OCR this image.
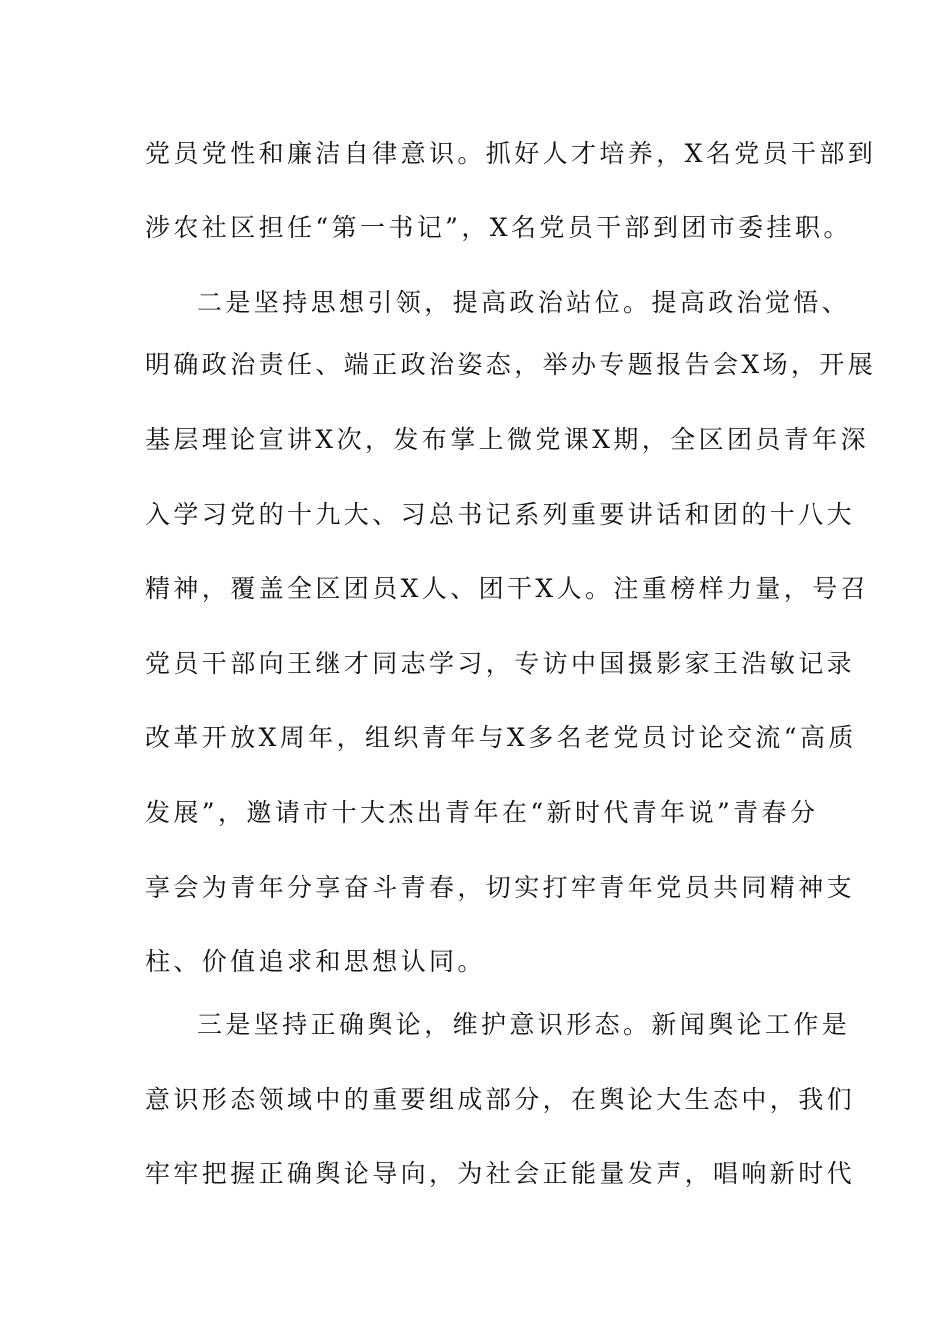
党员党性和廉洁自律意识。抓好人才培养，X名党员干部到
涉农社区担任“第一书记”，X名党员干部到团市委挂职。
二是坚持思想引领，提高政治站位。提高政治觉悟、
明确政治责任、端正政治姿态，举办专题报告会X场，开展
基层理论宣讲X次，发布掌上微党课X期，全区团员青年深
入学习党的十九大、习总书记系列重要讲话和团的十八大
精神，覆盖全区团员X人、团干X人。注重榜样力量，号召
党员干部向王继才同志学习，专访中国摄影家王浩敏记录
改革开放X周年，组织青年与X多名老党员讨论交流“高质
发展”，邀请市十大杰出青年在“新时代青年说”青春分
享会为青年分享奋斗青春，切实打牢青年党员共同精神支
柱、价值追求和思想认同。
三是坚持正确舆论，维护意识形态。新闻舆论工作是
意识形态领域中的重要组成部分，在舆论大生态中，我们
牢牢把握正确舆论导向，为社会正能量发声，唱响新时代
